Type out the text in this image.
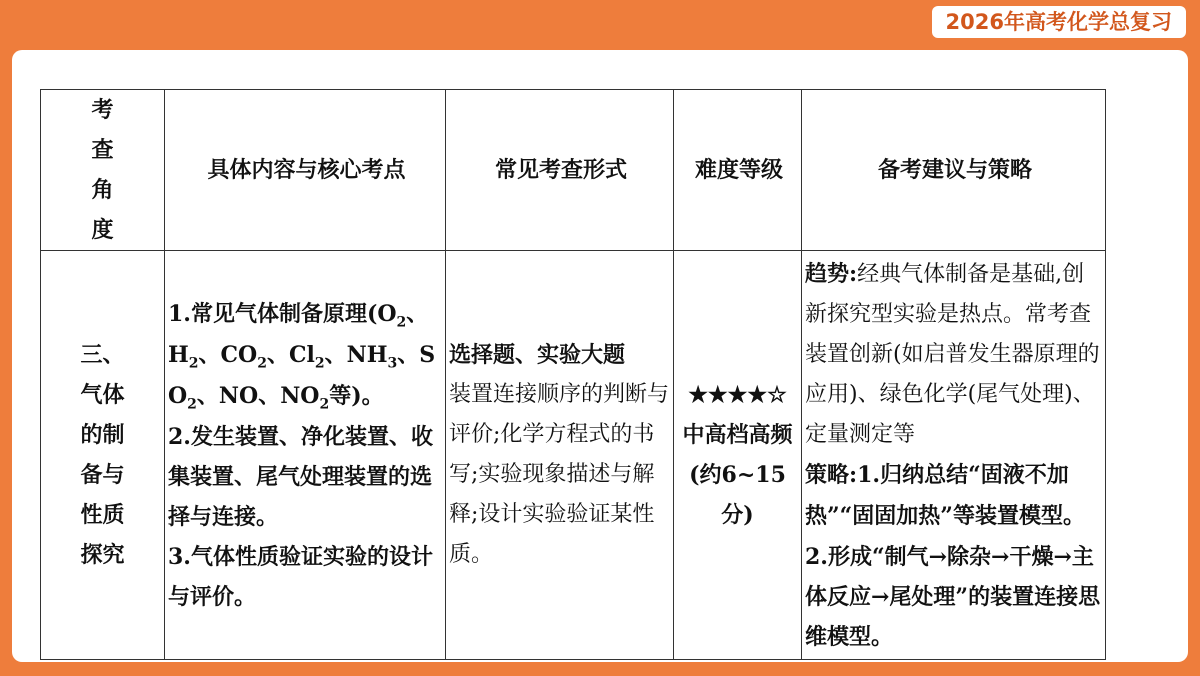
2026年高考化学总复习
考查角度	具体内容与核心考点	常见考查形式	难度等级	备考建议与策略
三、气体的制备与性质探究	1.常见气体制备原理($O_2$、$H_2$、$CO_2$、$Cl_2$、$NH_3$、$SO_2$、NO、$NO_2$等)。
2.发生装置、净化装置、收集装置、尾气处理装置的选择与连接。
3.气体性质验证实验的设计与评价。	选择题、实验大题
装置连接顺序的判断与评价;化学方程式的书写;实验现象描述与解释;设计实验验证某性质。	★★★★☆
中高档高频
(约6~15分)	趋势:经典气体制备是基础,创新探究型实验是热点。常考查装置创新(如启普发生器原理的应用)、绿色化学(尾气处理)、定量测定等
策略:1.归纳总结“固液不加热”“固固加热”等装置模型。
2.形成“制气→除杂→干燥→主体反应→尾处理”的装置连接思维模型。
